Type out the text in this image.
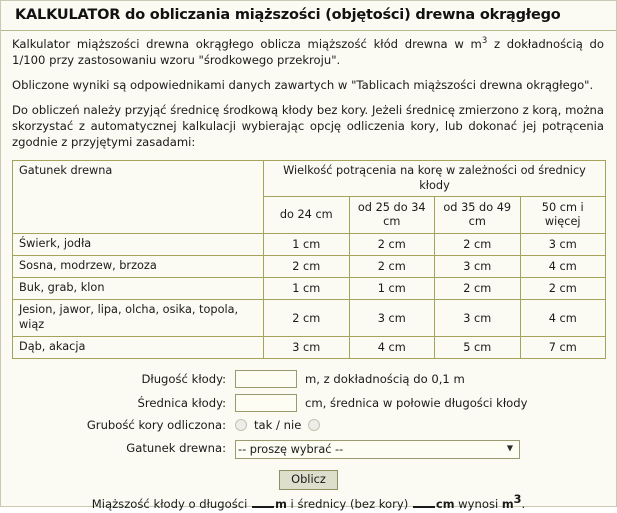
KALKULATOR do obliczania miąższości (objętości) drewna okrągłego

Kalkulator miąższości drewna okrągłego oblicza miąższość kłód drewna w $m^3$ z dokładnością do 1/100 przy zastosowaniu wzoru "środkowego przekroju".

Obliczone wyniki są odpowiednikami danych zawartych w "Tablicach miąższości drewna okrągłego".

Do obliczeń należy przyjąć średnicę środkową kłody bez kory. Jeżeli średnicę zmierzono z korą, można skorzystać z automatycznej kalkulacji wybierając opcję odliczenia kory, lub dokonać jej potrącenia zgodnie z przyjętymi zasadami:

Gatunek drewna	Wielkość potrącenia na korę w zależności od średnicy kłody			
	do 24 cm	od 25 do 34 cm	od 35 do 49 cm	50 cm i więcej
Świerk, jodła	1 cm	2 cm	2 cm	3 cm
Sosna, modrzew, brzoza	2 cm	2 cm	3 cm	4 cm
Buk, grab, klon	1 cm	1 cm	2 cm	2 cm
Jesion, jawor, lipa, olcha, osika, topola, wiąz	2 cm	3 cm	3 cm	4 cm
Dąb, akacja	3 cm	4 cm	5 cm	7 cm
Długość kłody:	m, z dokładnością do 0,1 m
Średnica kłody:	cm, średnica w połowie długości kłody
Grubość kory odliczona:	tak / nie
Gatunek drewna:
-- proszę wybrać --	▼
Oblicz
Miąższość kłody o długości m i średnicy (bez kory) cm wynosi $m^3$.
